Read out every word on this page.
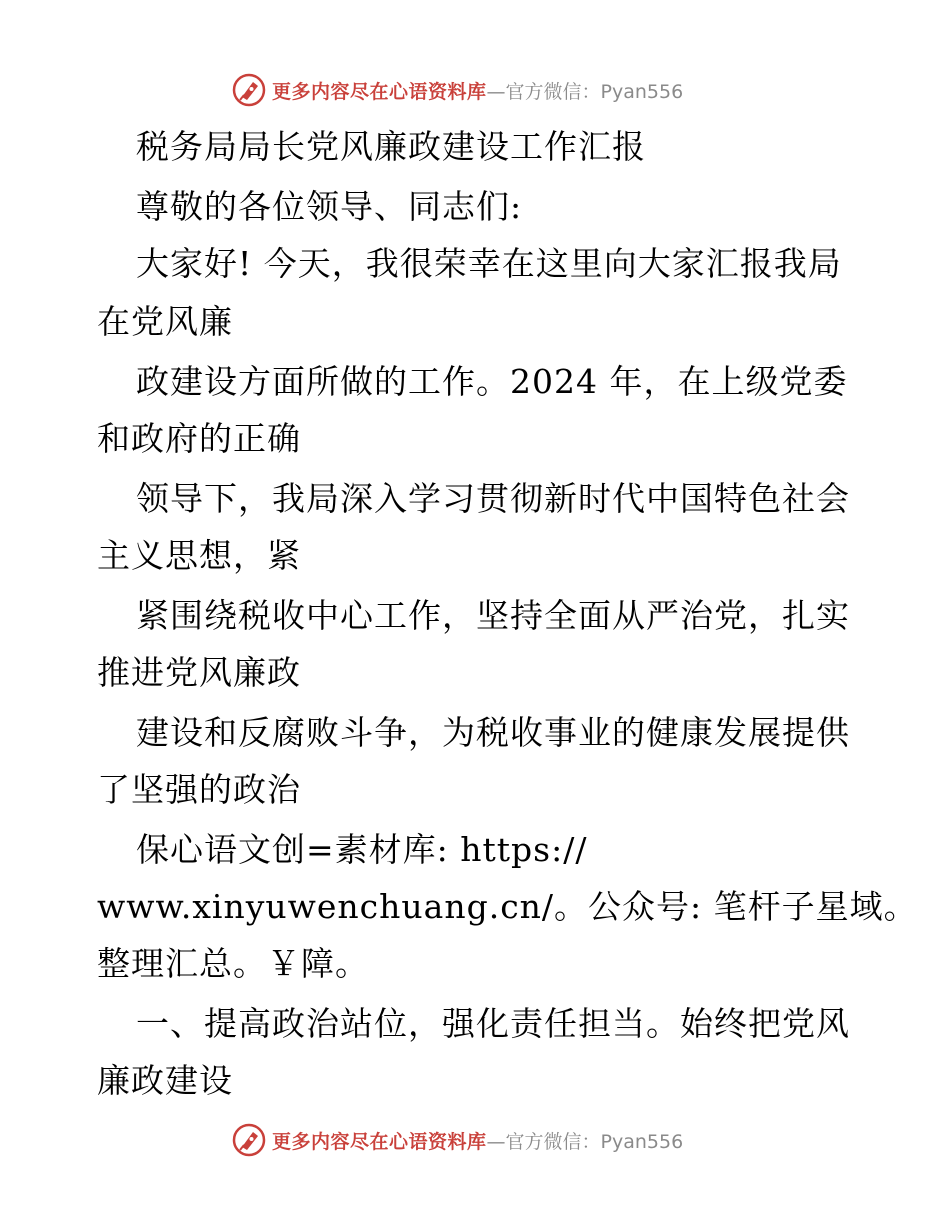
更多内容尽在心语资料库 —官方微信：Pyan556
税务局局长党风廉政建设工作汇报
尊敬的各位领导、同志们:
大家好! 今天，我很荣幸在这里向大家汇报我局
在党风廉
政建设方面所做的工作。2024 年，在上级党委
和政府的正确
领导下，我局深入学习贯彻新时代中国特色社会
主义思想，紧
紧围绕税收中心工作，坚持全面从严治党，扎实
推进党风廉政
建设和反腐败斗争，为税收事业的健康发展提供
了坚强的政治
保心语文创=素材库: https://
www.xinyuwenchuang.cn/。公众号: 笔杆子星域。
整理汇总。￥障。
一、提高政治站位，强化责任担当。始终把党风
廉政建设
更多内容尽在心语资料库 —官方微信：Pyan556
